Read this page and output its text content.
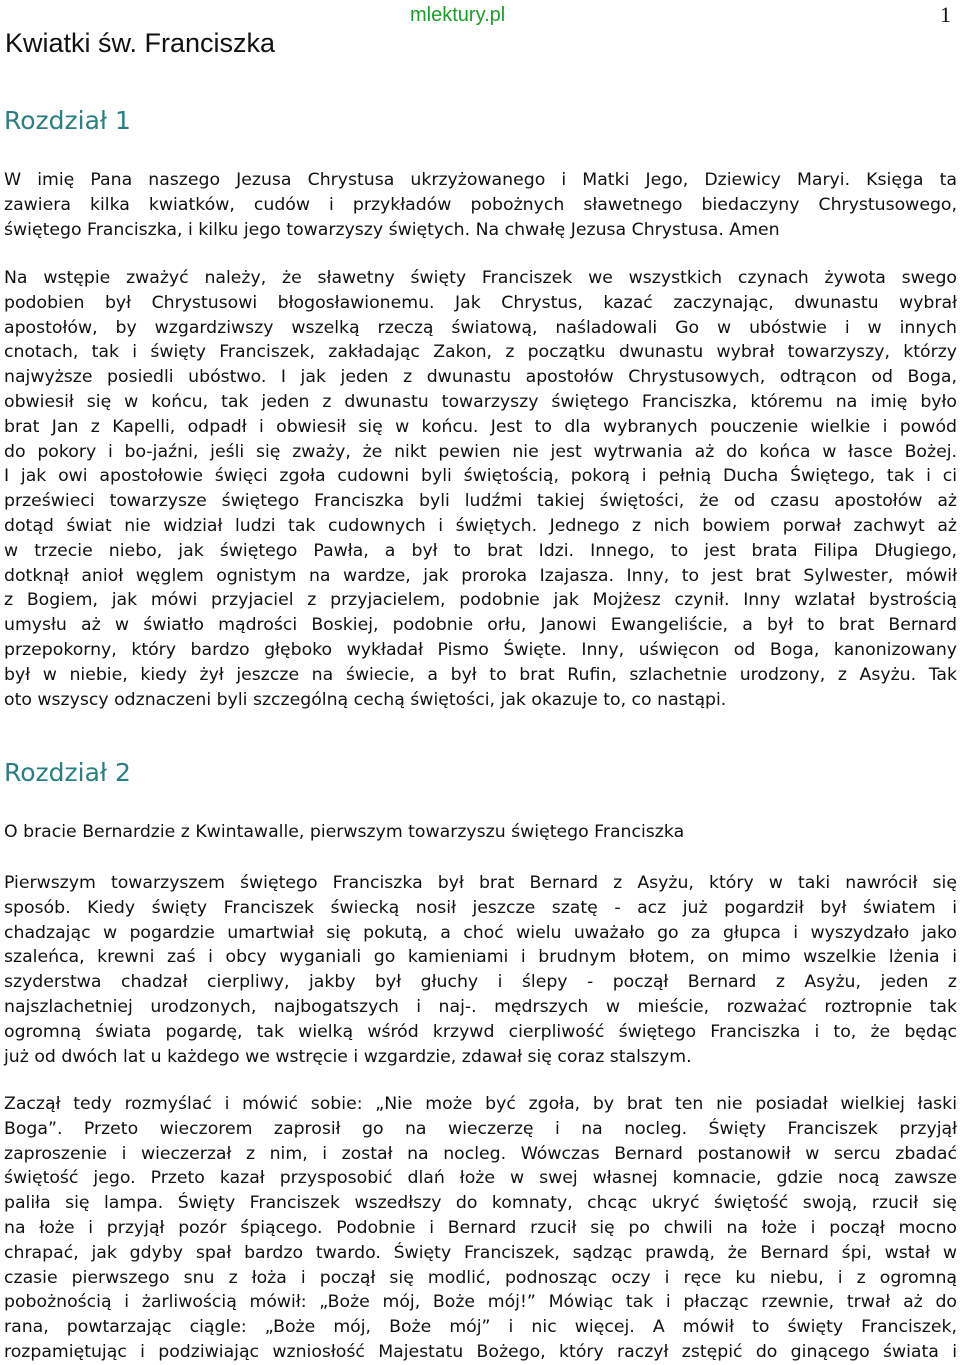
Kwiatki św. Franciszka
mlektury.pl	1
Rozdział 1
W imię Pana naszego Jezusa Chrystusa ukrzyżowanego i Matki Jego, Dziewicy Maryi. Księga ta
zawiera kilka kwiatków, cudów i przykładów pobożnych sławetnego biedaczyny Chrystusowego,
świętego Franciszka, i kilku jego towarzyszy świętych. Na chwałę Jezusa Chrystusa. Amen
Na wstępie zważyć należy, że sławetny święty Franciszek we wszystkich czynach żywota swego
podobien był Chrystusowi błogosławionemu. Jak Chrystus, kazać zaczynając, dwunastu wybrał
apostołów, by wzgardziwszy wszelką rzeczą światową, naśladowali Go w ubóstwie i w innych
cnotach, tak i święty Franciszek, zakładając Zakon, z początku dwunastu wybrał towarzyszy, którzy
najwyższe posiedli ubóstwo. I jak jeden z dwunastu apostołów Chrystusowych, odtrącon od Boga,
obwiesił się w końcu, tak jeden z dwunastu towarzyszy świętego Franciszka, któremu na imię było
brat Jan z Kapelli, odpadł i obwiesił się w końcu. Jest to dla wybranych pouczenie wielkie i powód
do pokory i bo-jaźni, jeśli się zważy, że nikt pewien nie jest wytrwania aż do końca w łasce Bożej.
I jak owi apostołowie święci zgoła cudowni byli świętością, pokorą i pełnią Ducha Świętego, tak i ci
prześwieci towarzysze świętego Franciszka byli ludźmi takiej świętości, że od czasu apostołów aż
dotąd świat nie widział ludzi tak cudownych i świętych. Jednego z nich bowiem porwał zachwyt aż
w trzecie niebo, jak świętego Pawła, a był to brat Idzi. Innego, to jest brata Filipa Długiego,
dotknął anioł węglem ognistym na wardze, jak proroka Izajasza. Inny, to jest brat Sylwester, mówił
z Bogiem, jak mówi przyjaciel z przyjacielem, podobnie jak Mojżesz czynił. Inny wzlatał bystrością
umysłu aż w światło mądrości Boskiej, podobnie orłu, Janowi Ewangeliście, a był to brat Bernard
przepokorny, który bardzo głęboko wykładał Pismo Święte. Inny, uświęcon od Boga, kanonizowany
był w niebie, kiedy żył jeszcze na świecie, a był to brat Rufin, szlachetnie urodzony, z Asyżu. Tak
oto wszyscy odznaczeni byli szczególną cechą świętości, jak okazuje to, co nastąpi.
Rozdział 2
O bracie Bernardzie z Kwintawalle, pierwszym towarzyszu świętego Franciszka
Pierwszym towarzyszem świętego Franciszka był brat Bernard z Asyżu, który w taki nawrócił się
sposób. Kiedy święty Franciszek świecką nosił jeszcze szatę - acz już pogardził był światem i
chadzając w pogardzie umartwiał się pokutą, a choć wielu uważało go za głupca i wyszydzało jako
szaleńca, krewni zaś i obcy wyganiali go kamieniami i brudnym błotem, on mimo wszelkie lżenia i
szyderstwa chadzał cierpliwy, jakby był głuchy i ślepy - począł Bernard z Asyżu, jeden z
najszlachetniej urodzonych, najbogatszych i naj-. mędrszych w mieście, rozważać roztropnie tak
ogromną świata pogardę, tak wielką wśród krzywd cierpliwość świętego Franciszka i to, że będąc
już od dwóch lat u każdego we wstręcie i wzgardzie, zdawał się coraz stalszym.
Zaczął tedy rozmyślać i mówić sobie: „Nie może być zgoła, by brat ten nie posiadał wielkiej łaski
Boga”. Przeto wieczorem zaprosił go na wieczerzę i na nocleg. Święty Franciszek przyjął
zaproszenie i wieczerzał z nim, i został na nocleg. Wówczas Bernard postanowił w sercu zbadać
świętość jego. Przeto kazał przysposobić dlań łoże w swej własnej komnacie, gdzie nocą zawsze
paliła się lampa. Święty Franciszek wszedłszy do komnaty, chcąc ukryć świętość swoją, rzucił się
na łoże i przyjął pozór śpiącego. Podobnie i Bernard rzucił się po chwili na łoże i począł mocno
chrapać, jak gdyby spał bardzo twardo. Święty Franciszek, sądząc prawdą, że Bernard śpi, wstał w
czasie pierwszego snu z łoża i począł się modlić, podnosząc oczy i ręce ku niebu, i z ogromną
pobożnością i żarliwością mówił: „Boże mój, Boże mój!” Mówiąc tak i płacząc rzewnie, trwał aż do
rana, powtarzając ciągle: „Boże mój, Boże mój” i nic więcej. A mówił to święty Franciszek,
rozpamiętując i podziwiając wzniosłość Majestatu Bożego, który raczył zstępić do ginącego świata i
